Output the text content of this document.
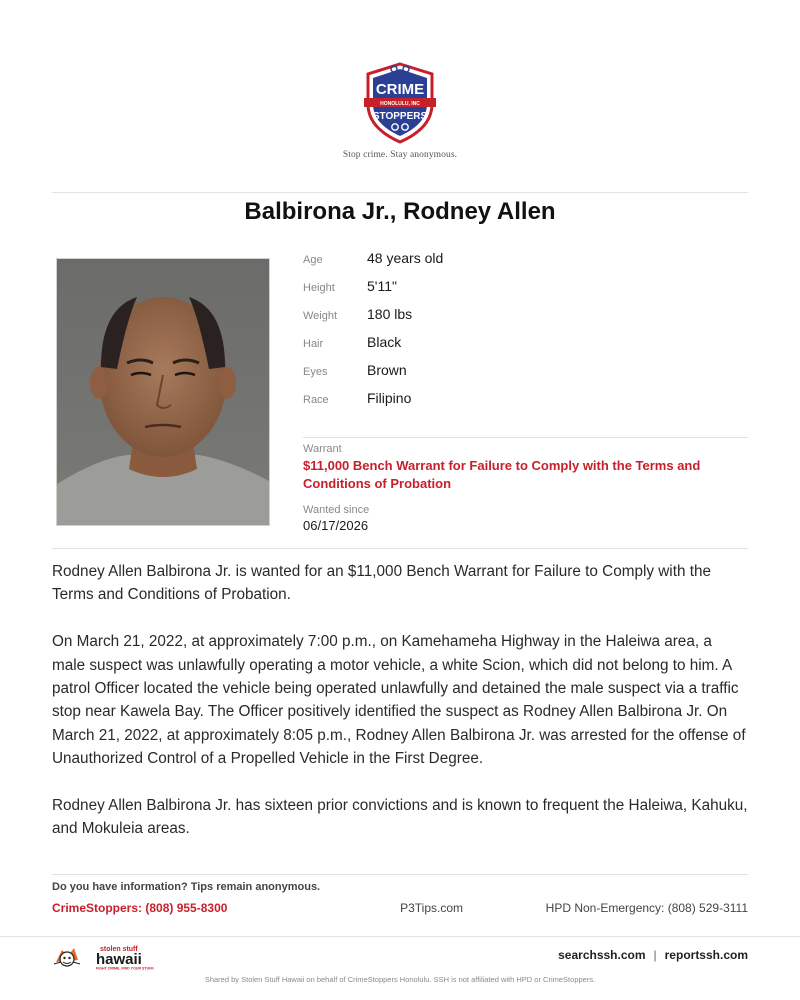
CRIME
HONOLULU, INC
STOPPERS
Stop crime. Stay anonymous.
Balbirona Jr., Rodney Allen
Age	48 years old
Height	5'11"
Weight	180 lbs
Hair	Black
Eyes	Brown
Race	Filipino
Warrant
$11,000 Bench Warrant for Failure to Comply with the Terms and Conditions of Probation
Wanted since
06/17/2026

Rodney Allen Balbirona Jr. is wanted for an $11,000 Bench Warrant for Failure to Comply with the Terms and Conditions of Probation.

On March 21, 2022, at approximately 7:00 p.m., on Kamehameha Highway in the Haleiwa area, a male suspect was unlawfully operating a motor vehicle, a white Scion, which did not belong to him. A patrol Officer located the vehicle being operated unlawfully and detained the male suspect via a traffic stop near Kawela Bay. The Officer positively identified the suspect as Rodney Allen Balbirona Jr. On March 21, 2022, at approximately 8:05 p.m., Rodney Allen Balbirona Jr. was arrested for the offense of Unauthorized Control of a Propelled Vehicle in the First Degree.

Rodney Allen Balbirona Jr. has sixteen prior convictions and is known to frequent the Haleiwa, Kahuku, and Mokuleia areas.

Do you have information? Tips remain anonymous.
CrimeStoppers: (808) 955-8300	P3Tips.com	HPD Non-Emergency: (808) 529-3111
stolen stuff
hawaii
FIGHT CRIME. FIND YOUR STUFF.
searchssh.com | reportssh.com
Shared by Stolen Stuff Hawaii on behalf of CrimeStoppers Honolulu. SSH is not affiliated with HPD or CrimeStoppers.
